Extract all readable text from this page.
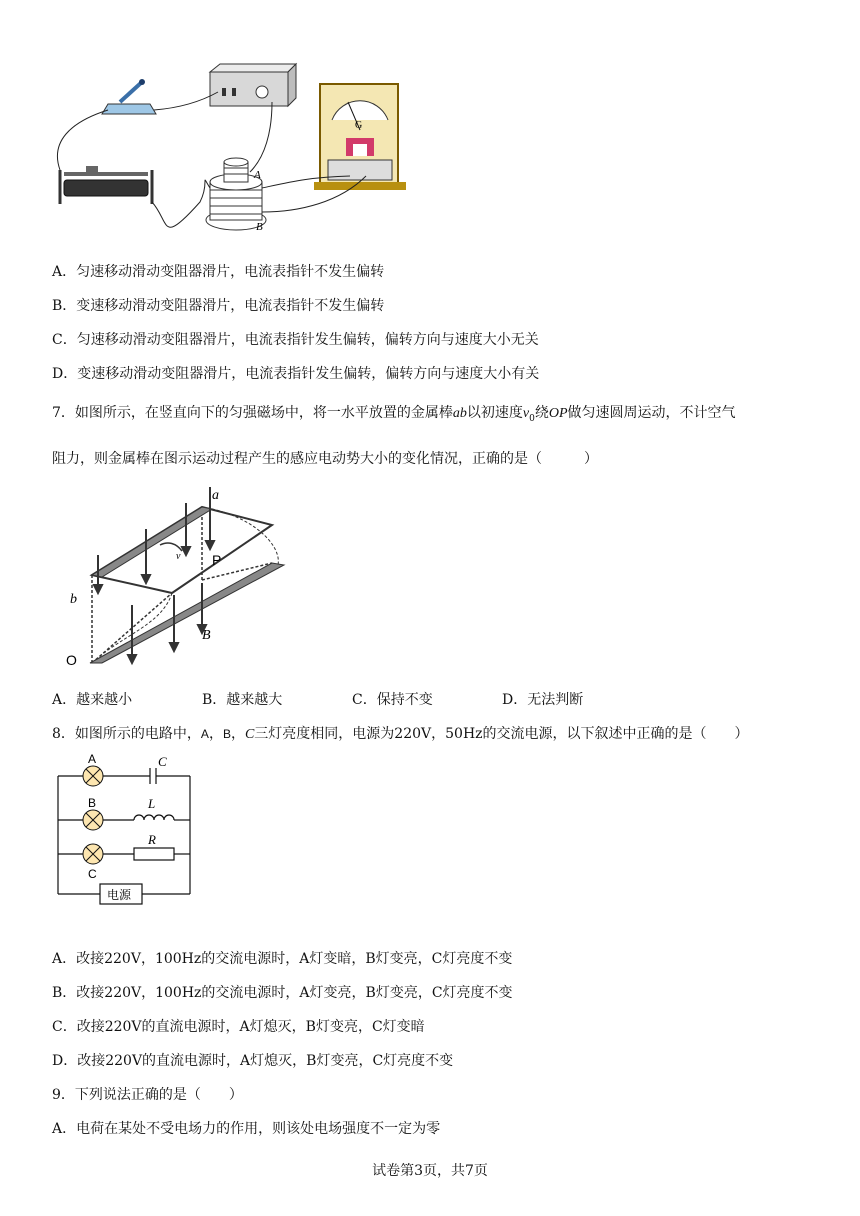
A
B
G
A．匀速移动滑动变阻器滑片，电流表指针不发生偏转
B．变速移动滑动变阻器滑片，电流表指针不发生偏转
C．匀速移动滑动变阻器滑片，电流表指针发生偏转，偏转方向与速度大小无关
D．变速移动滑动变阻器滑片，电流表指针发生偏转，偏转方向与速度大小有关
7．如图所示，在竖直向下的匀强磁场中，将一水平放置的金属棒ab以初速度$v_0$绕OP做匀速圆周运动，不计空气
阻力，则金属棒在图示运动过程产生的感应电动势大小的变化情况，正确的是（　　　）
a
b
P
O
B
v
A．越来越小	B．越来越大	C．保持不变	D．无法判断
8．如图所示的电路中，A，B，C三灯亮度相同，电源为220V，50Hz的交流电源，以下叙述中正确的是（　　）
A
B
C
C
L
R
电源
A．改接220V，100Hz的交流电源时，A灯变暗，B灯变亮，C灯亮度不变
B．改接220V，100Hz的交流电源时，A灯变亮，B灯变亮，C灯亮度不变
C．改接220V的直流电源时，A灯熄灭，B灯变亮，C灯变暗
D．改接220V的直流电源时，A灯熄灭，B灯变亮，C灯亮度不变
9．下列说法正确的是（　　）
A．电荷在某处不受电场力的作用，则该处电场强度不一定为零
试卷第3页，共7页
